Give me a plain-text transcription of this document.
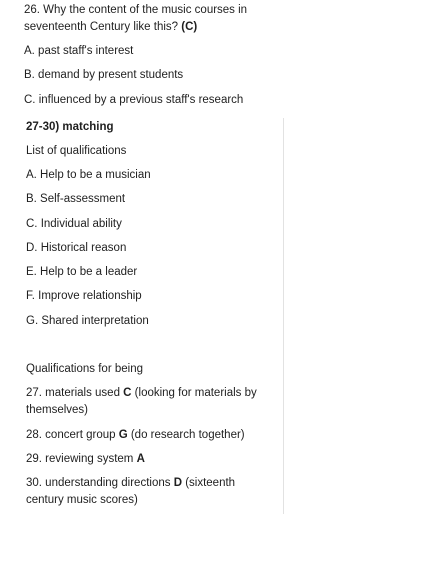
26. Why the content of the music courses in
seventeenth Century like this? (C)
A. past staff's interest
B. demand by present students
C. influenced by a previous staff's research
27-30) matching
List of qualifications
A. Help to be a musician
B. Self-assessment
C. Individual ability
D. Historical reason
E. Help to be a leader
F. Improve relationship
G. Shared interpretation
Qualifications for being
27. materials used C (looking for materials by
themselves)
28. concert group G (do research together)
29. reviewing system A
30. understanding directions D (sixteenth
century music scores)
